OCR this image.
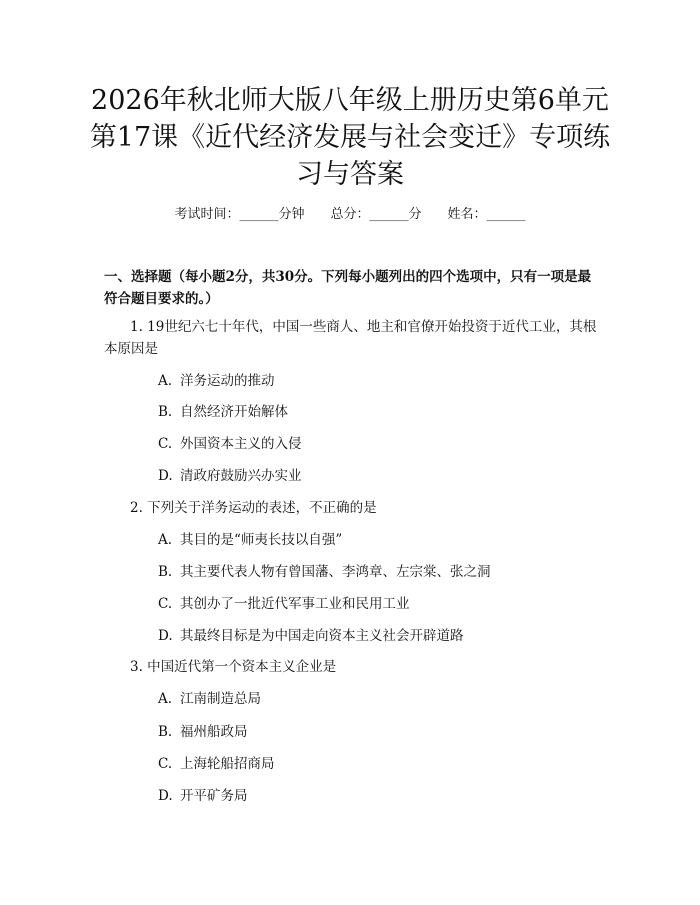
2026年秋北师大版八年级上册历史第6单元第17课《近代经济发展与社会变迁》专项练习与答案
考试时间：______分钟 总分：______分 姓名：______

一、选择题（每小题2分，共30分。下列每小题列出的四个选项中，只有一项是最符合题目要求的。）

1. 19世纪六七十年代，中国一些商人、地主和官僚开始投资于近代工业，其根本原因是
A. 洋务运动的推动
B. 自然经济开始解体
C. 外国资本主义的入侵
D. 清政府鼓励兴办实业
2. 下列关于洋务运动的表述，不正确的是
A. 其目的是“师夷长技以自强”
B. 其主要代表人物有曾国藩、李鸿章、左宗棠、张之洞
C. 其创办了一批近代军事工业和民用工业
D. 其最终目标是为中国走向资本主义社会开辟道路
3. 中国近代第一个资本主义企业是
A. 江南制造总局
B. 福州船政局
C. 上海轮船招商局
D. 开平矿务局
